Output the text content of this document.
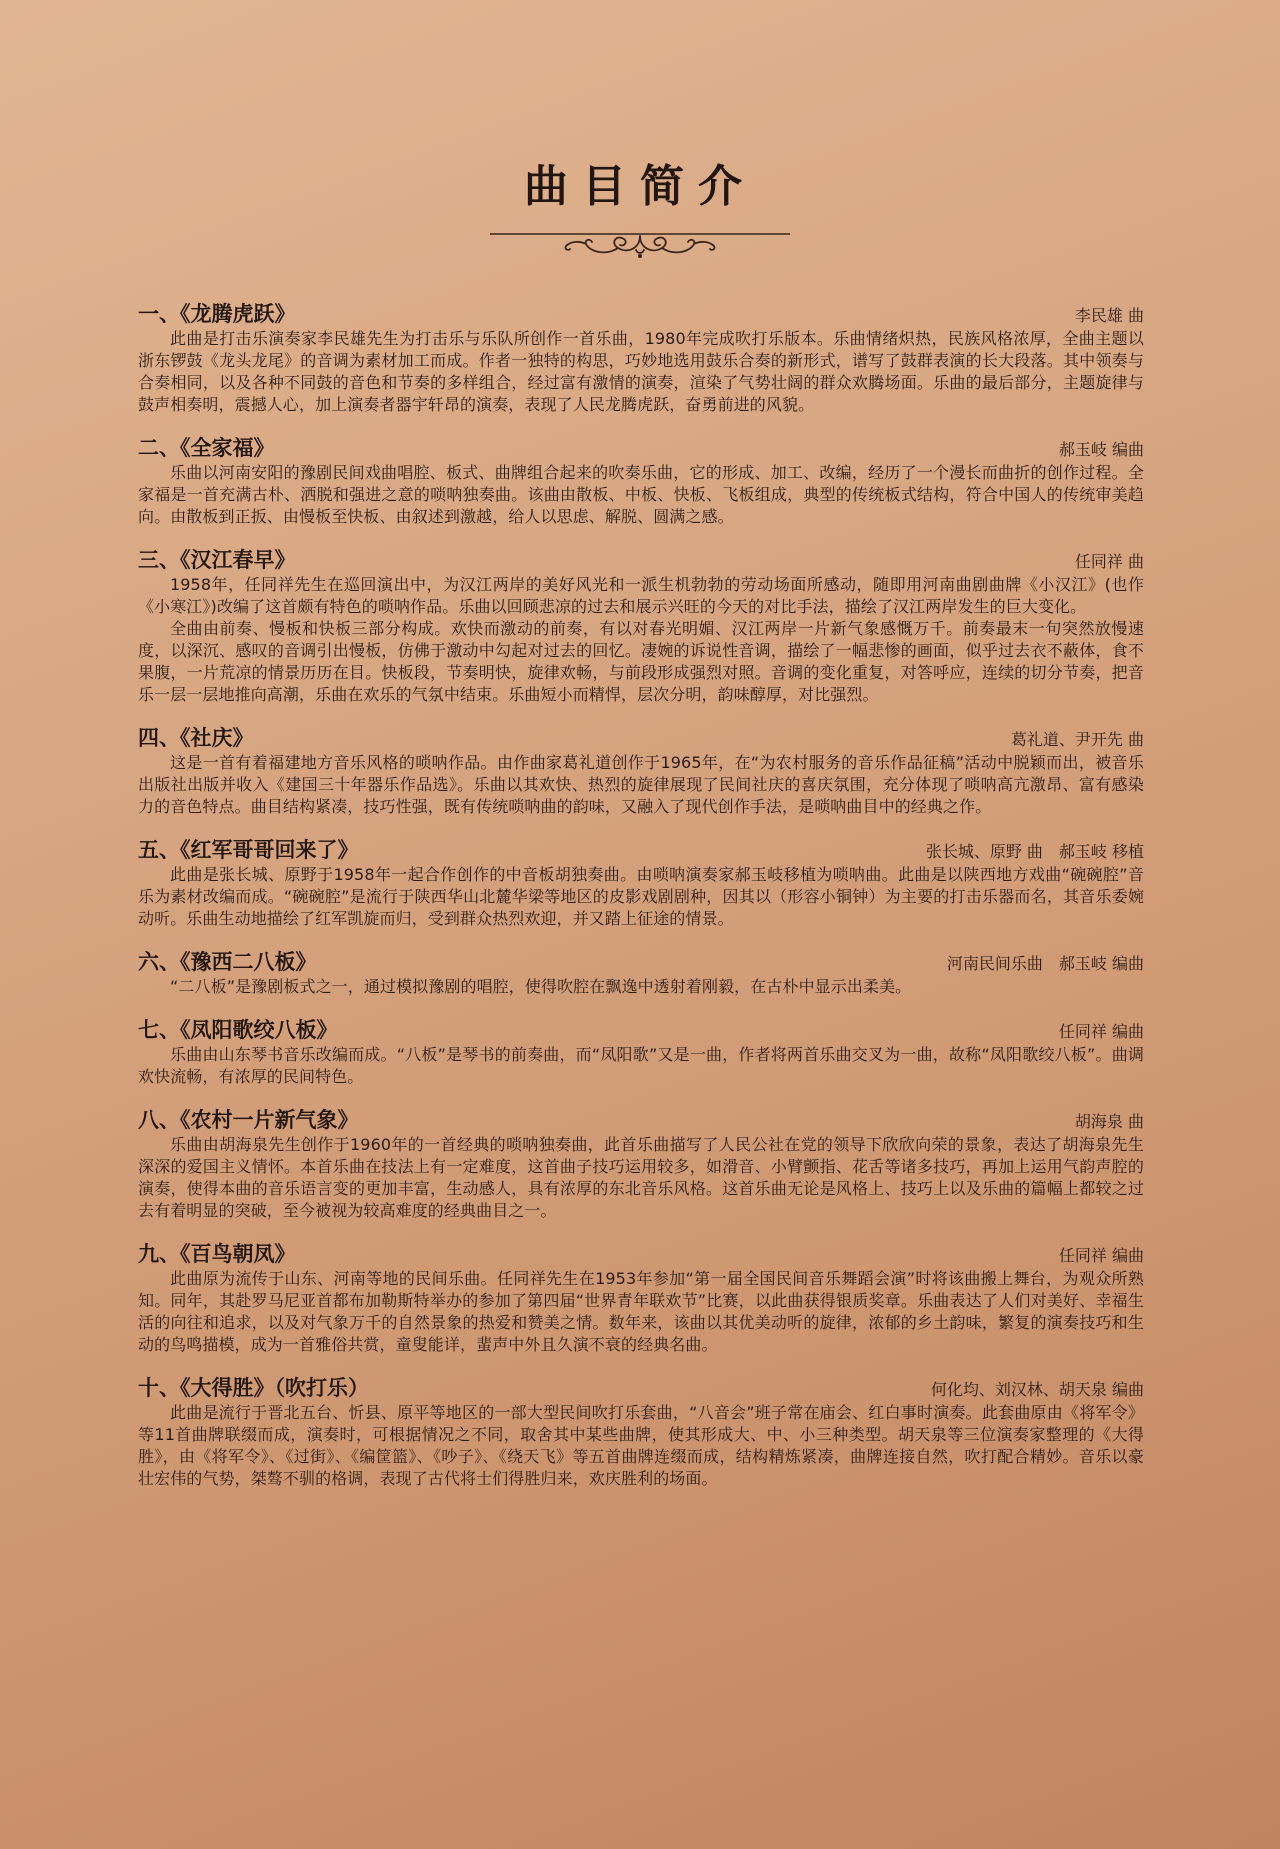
曲目简介
一、《龙腾虎跃》	李民雄 曲

此曲是打击乐演奏家李民雄先生为打击乐与乐队所创作一首乐曲，1980年完成吹打乐版本。乐曲情绪炽热，民族风格浓厚，全曲主题以浙东锣鼓《龙头龙尾》的音调为素材加工而成。作者一独特的构思，巧妙地选用鼓乐合奏的新形式，谱写了鼓群表演的长大段落。其中领奏与合奏相同，以及各种不同鼓的音色和节奏的多样组合，经过富有激情的演奏，渲染了气势壮阔的群众欢腾场面。乐曲的最后部分，主题旋律与鼓声相奏明，震撼人心，加上演奏者器宇轩昂的演奏，表现了人民龙腾虎跃，奋勇前进的风貌。

二、《全家福》	郝玉岐 编曲

乐曲以河南安阳的豫剧民间戏曲唱腔、板式、曲牌组合起来的吹奏乐曲，它的形成、加工、改编，经历了一个漫长而曲折的创作过程。全家福是一首充满古朴、洒脱和强进之意的唢呐独奏曲。该曲由散板、中板、快板、飞板组成，典型的传统板式结构，符合中国人的传统审美趋向。由散板到正扳、由慢板至快板、由叙述到激越，给人以思虑、解脱、圆满之感。

三、《汉江春早》	任同祥 曲

1958年，任同祥先生在巡回演出中，为汉江两岸的美好风光和一派生机勃勃的劳动场面所感动，随即用河南曲剧曲牌《小汉江》(也作《小寒江》)改编了这首颇有特色的唢呐作品。乐曲以回顾悲凉的过去和展示兴旺的今天的对比手法，描绘了汉江两岸发生的巨大变化。

全曲由前奏、慢板和快板三部分构成。欢快而激动的前奏，有以对春光明媚、汉江两岸一片新气象感慨万千。前奏最末一句突然放慢速度，以深沉、感叹的音调引出慢板，仿佛于激动中勾起对过去的回忆。凄婉的诉说性音调，描绘了一幅悲惨的画面，似乎过去衣不蔽体，食不果腹，一片荒凉的情景历历在目。快板段，节奏明快，旋律欢畅，与前段形成强烈对照。音调的变化重复，对答呼应，连续的切分节奏，把音乐一层一层地推向高潮，乐曲在欢乐的气氛中结束。乐曲短小而精悍，层次分明，韵味醇厚，对比强烈。

四、《社庆》	葛礼道、尹开先 曲

这是一首有着福建地方音乐风格的唢呐作品。由作曲家葛礼道创作于1965年，在“为农村服务的音乐作品征稿”活动中脱颖而出，被音乐出版社出版并收入《建国三十年器乐作品选》。乐曲以其欢快、热烈的旋律展现了民间社庆的喜庆氛围，充分体现了唢呐高亢激昂、富有感染力的音色特点。曲目结构紧凑，技巧性强，既有传统唢呐曲的韵味，又融入了现代创作手法，是唢呐曲目中的经典之作。

五、《红军哥哥回来了》	张长城、原野 曲　郝玉岐 移植

此曲是张长城、原野于1958年一起合作创作的中音板胡独奏曲。由唢呐演奏家郝玉岐移植为唢呐曲。此曲是以陕西地方戏曲“碗碗腔”音乐为素材改编而成。“碗碗腔”是流行于陕西华山北麓华梁等地区的皮影戏剧剧种，因其以（形容小铜钟）为主要的打击乐器而名，其音乐委婉动听。乐曲生动地描绘了红军凯旋而归，受到群众热烈欢迎，并又踏上征途的情景。

六、《豫西二八板》	河南民间乐曲　郝玉岐 编曲

“二八板”是豫剧板式之一，通过模拟豫剧的唱腔，使得吹腔在飘逸中透射着刚毅，在古朴中显示出柔美。

七、《凤阳歌绞八板》	任同祥 编曲

乐曲由山东琴书音乐改编而成。“八板”是琴书的前奏曲，而“凤阳歌”又是一曲，作者将两首乐曲交叉为一曲，故称“凤阳歌绞八板”。曲调欢快流畅，有浓厚的民间特色。

八、《农村一片新气象》	胡海泉 曲

乐曲由胡海泉先生创作于1960年的一首经典的唢呐独奏曲，此首乐曲描写了人民公社在党的领导下欣欣向荣的景象，表达了胡海泉先生深深的爱国主义情怀。本首乐曲在技法上有一定难度，这首曲子技巧运用较多，如滑音、小臂颤指、花舌等诸多技巧，再加上运用气韵声腔的演奏，使得本曲的音乐语言变的更加丰富，生动感人，具有浓厚的东北音乐风格。这首乐曲无论是风格上、技巧上以及乐曲的篇幅上都较之过去有着明显的突破，至今被视为较高难度的经典曲目之一。

九、《百鸟朝凤》	任同祥 编曲

此曲原为流传于山东、河南等地的民间乐曲。任同祥先生在1953年参加“第一届全国民间音乐舞蹈会演”时将该曲搬上舞台，为观众所熟知。同年，其赴罗马尼亚首都布加勒斯特举办的参加了第四届“世界青年联欢节”比赛，以此曲获得银质奖章。乐曲表达了人们对美好、幸福生活的向往和追求，以及对气象万千的自然景象的热爱和赞美之情。数年来，该曲以其优美动听的旋律，浓郁的乡土韵味，繁复的演奏技巧和生动的鸟鸣描模，成为一首雅俗共赏，童叟能详，蜚声中外且久演不衰的经典名曲。

十、《大得胜》（吹打乐）	何化均、刘汉林、胡天泉 编曲

此曲是流行于晋北五台、忻县、原平等地区的一部大型民间吹打乐套曲，“八音会”班子常在庙会、红白事时演奏。此套曲原由《将军令》等11首曲牌联缀而成，演奏时，可根据情况之不同，取舍其中某些曲牌，使其形成大、中、小三种类型。胡天泉等三位演奏家整理的《大得胜》，由《将军令》、《过街》、《编筐篮》、《吵子》、《绕天飞》等五首曲牌连缀而成，结构精炼紧凑，曲牌连接自然，吹打配合精妙。音乐以豪壮宏伟的气势，桀骜不驯的格调，表现了古代将士们得胜归来，欢庆胜利的场面。
